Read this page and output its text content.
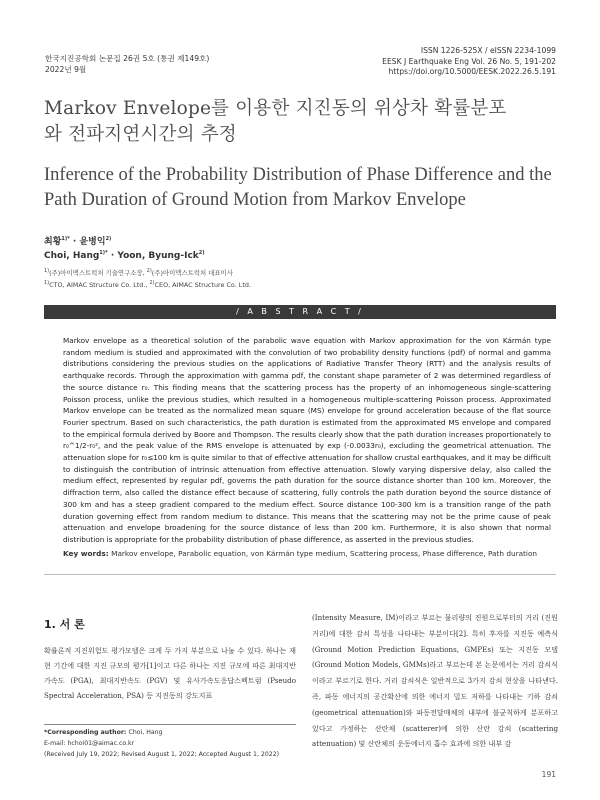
한국지진공학회 논문집 26권 5호 (통권 제149호)
2022년 9월
ISSN 1226-525X / eISSN 2234-1099
EESK J Earthquake Eng Vol. 26 No. 5, 191-202
https://doi.org/10.5000/EESK.2022.26.5.191
Markov Envelope를 이용한 지진동의 위상차 확률분포
와 전파지연시간의 추정
Inference of the Probability Distribution of Phase Difference and the
Path Duration of Ground Motion from Markov Envelope
최황$^{1)*}$ · 윤병익$^{2)}$
Choi, Hang$^{1)*}$ · Yoon, Byung-Ick$^{2)}$
$^{1)}$(주)아이맥스트럭처 기술연구소장, $^{2)}$(주)아이맥스트럭처 대표이사
$^{1)}$CTO, AIMAC Structure Co. Ltd., $^{2)}$CEO, AIMAC Structure Co. Ltd.
/ A B S T R A C T /
Markov envelope as a theoretical solution of the parabolic wave equation with Markov approximation for the von Kármán type random medium is studied and approximated with the convolution of two probability density functions (pdf) of normal and gamma distributions considering the previous studies on the applications of Radiative Transfer Theory (RTT) and the analysis results of earthquake records. Through the approximation with gamma pdf, the constant shape parameter of 2 was determined regardless of the source distance r₀. This finding means that the scattering process has the property of an inhomogeneous single-scattering Poisson process, unlike the previous studies, which resulted in a homogeneous multiple-scattering Poisson process. Approximated Markov envelope can be treated as the normalized mean square (MS) envelope for ground acceleration because of the flat source Fourier spectrum. Based on such characteristics, the path duration is estimated from the approximated MS envelope and compared to the empirical formula derived by Boore and Thompson. The results clearly show that the path duration increases proportionately to r₀^1/2-r₀², and the peak value of the RMS envelope is attenuated by exp (-0.0033r₀), excluding the geometrical attenuation. The attenuation slope for r₀≤100 km is quite similar to that of effective attenuation for shallow crustal earthquakes, and it may be difficult to distinguish the contribution of intrinsic attenuation from effective attenuation. Slowly varying dispersive delay, also called the medium effect, represented by regular pdf, governs the path duration for the source distance shorter than 100 km. Moreover, the diffraction term, also called the distance effect because of scattering, fully controls the path duration beyond the source distance of 300 km and has a steep gradient compared to the medium effect. Source distance 100-300 km is a transition range of the path duration governing effect from random medium to distance. This means that the scattering may not be the prime cause of peak attenuation and envelope broadening for the source distance of less than 200 km. Furthermore, it is also shown that normal distribution is appropriate for the probability distribution of phase difference, as asserted in the previous studies.
Key words: Markov envelope, Parabolic equation, von Kármán type medium, Scattering process, Phase difference, Path duration
1. 서 론
확률론적 지진위험도 평가모델은 크게 두 가지 부분으로 나눌 수 있다. 하나는 재현 기간에 대한 지진 규모의 평가[1]이고 다른 하나는 지진 규모에 따른 최대지반가속도 (PGA), 최대지반속도 (PGV) 및 유사가속도응답스펙트럼 (Pseudo Spectral Acceleration, PSA) 등 지진동의 강도지표
(Intensity Measure, IM)이라고 부르는 물리량의 진원으로부터의 거리 (진원 거리)에 대한 감쇠 특성을 나타내는 부분이다[2]. 특히 후자를 지진동 예측식 (Ground Motion Prediction Equations, GMPEs) 또는 지진동 모델 (Ground Motion Models, GMMs)라고 부르는데 본 논문에서는 거리 감쇠식이라고 부르기로 한다. 거리 감쇠식은 일반적으로 3가지 감쇠 현상을 나타낸다. 즉, 파동 에너지의 공간확산에 의한 에너지 밀도 저하를 나타내는 기하 감쇠 (geometrical attenuation)와 파동전달매체의 내부에 불균칙하게 분포하고 있다고 가정하는 산란체 (scatterer)에 의한 산란 감쇠 (scattering attenuation) 및 산란체의 운동에너지 흡수 효과에 의한 내부 감
*Corresponding author: Choi, Hang
E-mail: hchoi01@aimac.co.kr
(Received July 19, 2022; Revised August 1, 2022; Accepted August 1, 2022)
191
